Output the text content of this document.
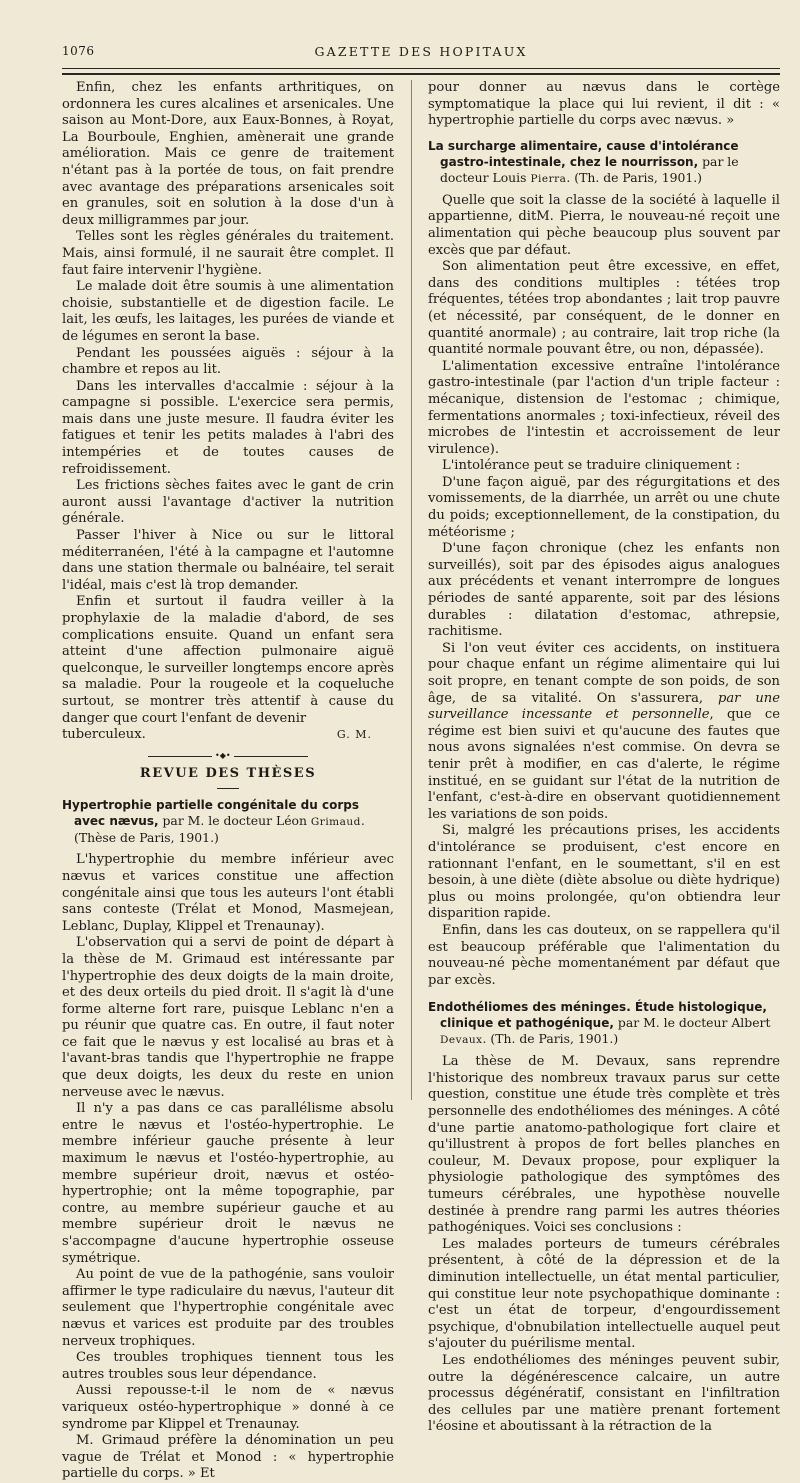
1076	GAZETTE DES HOPITAUX

Enfin, chez les enfants arthritiques, on ordonnera les cures alcalines et arsenicales. Une saison au Mont-Dore, aux Eaux-Bonnes, à Royat, La Bourboule, Enghien, amènerait une grande amélioration. Mais ce genre de traitement n'étant pas à la portée de tous, on fait prendre avec avantage des préparations arsenicales soit en granules, soit en solution à la dose d'un à deux milligrammes par jour.

Telles sont les règles générales du traitement. Mais, ainsi formulé, il ne saurait être complet. Il faut faire intervenir l'hygiène.

Le malade doit être soumis à une alimentation choisie, substantielle et de digestion facile. Le lait, les œufs, les laitages, les purées de viande et de légumes en seront la base.

Pendant les poussées aiguës : séjour à la chambre et repos au lit.

Dans les intervalles d'accalmie : séjour à la campagne si possible. L'exercice sera permis, mais dans une juste mesure. Il faudra éviter les fatigues et tenir les petits malades à l'abri des intempéries et de toutes causes de refroidissement.

Les frictions sèches faites avec le gant de crin auront aussi l'avantage d'activer la nutrition générale.

Passer l'hiver à Nice ou sur le littoral méditerranéen, l'été à la campagne et l'automne dans une station thermale ou balnéaire, tel serait l'idéal, mais c'est là trop demander.

Enfin et surtout il faudra veiller à la prophylaxie de la maladie d'abord, de ses complications ensuite. Quand un enfant sera atteint d'une affection pulmonaire aiguë quelconque, le surveiller longtemps encore après sa maladie. Pour la rougeole et la coqueluche surtout, se montrer très attentif à cause du danger que court l'enfant de devenir

tuberculeux.	G. M.
•◆•
REVUE DES THÈSES
Hypertrophie partielle congénitale du corps avec nævus, par M. le docteur Léon Grimaud. (Thèse de Paris, 1901.)

L'hypertrophie du membre inférieur avec nævus et varices constitue une affection congénitale ainsi que tous les auteurs l'ont établi sans conteste (Trélat et Monod, Masmejean, Leblanc, Duplay, Klippel et Trenaunay).

L'observation qui a servi de point de départ à la thèse de M. Grimaud est intéressante par l'hypertrophie des deux doigts de la main droite, et des deux orteils du pied droit. Il s'agit là d'une forme alterne fort rare, puisque Leblanc n'en a pu réunir que quatre cas. En outre, il faut noter ce fait que le nævus y est localisé au bras et à l'avant-bras tandis que l'hypertrophie ne frappe que deux doigts, les deux du reste en union nerveuse avec le nævus.

Il n'y a pas dans ce cas parallélisme absolu entre le nævus et l'ostéo-hypertrophie. Le membre inférieur gauche présente à leur maximum le nævus et l'ostéo-hypertrophie, au membre supérieur droit, nævus et ostéo-hypertrophie; ont la même topographie, par contre, au membre supérieur gauche et au membre supérieur droit le nævus ne s'accompagne d'aucune hypertrophie osseuse symétrique.

Au point de vue de la pathogénie, sans vouloir affirmer le type radiculaire du nævus, l'auteur dit seulement que l'hypertrophie congénitale avec nævus et varices est produite par des troubles nerveux trophiques.

Ces troubles trophiques tiennent tous les autres troubles sous leur dépendance.

Aussi repousse-t-il le nom de « nævus variqueux ostéo-hypertrophique » donné à ce syndrome par Klippel et Trenaunay.

M. Grimaud préfère la dénomination un peu vague de Trélat et Monod : « hypertrophie partielle du corps. » Et

pour donner au nævus dans le cortège symptomatique la place qui lui revient, il dit : « hypertrophie partielle du corps avec nævus. »

La surcharge alimentaire, cause d'intolérance gastro-intestinale, chez le nourrisson, par le docteur Louis Pierra. (Th. de Paris, 1901.)

Quelle que soit la classe de la société à laquelle il appartienne, ditM. Pierra, le nouveau-né reçoit une alimentation qui pèche beaucoup plus souvent par excès que par défaut.

Son alimentation peut être excessive, en effet, dans des conditions multiples : tétées trop fréquentes, tétées trop abondantes ; lait trop pauvre (et nécessité, par conséquent, de le donner en quantité anormale) ; au contraire, lait trop riche (la quantité normale pouvant être, ou non, dépassée).

L'alimentation excessive entraîne l'intolérance gastro-intestinale (par l'action d'un triple facteur : mécanique, distension de l'estomac ; chimique, fermentations anormales ; toxi-infectieux, réveil des microbes de l'intestin et accroissement de leur virulence).

L'intolérance peut se traduire cliniquement :

D'une façon aiguë, par des régurgitations et des vomissements, de la diarrhée, un arrêt ou une chute du poids; exceptionnellement, de la constipation, du météorisme ;

D'une façon chronique (chez les enfants non surveillés), soit par des épisodes aigus analogues aux précédents et venant interrompre de longues périodes de santé apparente, soit par des lésions durables : dilatation d'estomac, athrepsie, rachitisme.

Si l'on veut éviter ces accidents, on instituera pour chaque enfant un régime alimentaire qui lui soit propre, en tenant compte de son poids, de son âge, de sa vitalité. On s'assurera, par une surveillance incessante et personnelle, que ce régime est bien suivi et qu'aucune des fautes que nous avons signalées n'est commise. On devra se tenir prêt à modifier, en cas d'alerte, le régime institué, en se guidant sur l'état de la nutrition de l'enfant, c'est-à-dire en observant quotidiennement les variations de son poids.

Si, malgré les précautions prises, les accidents d'intolérance se produisent, c'est encore en rationnant l'enfant, en le soumettant, s'il en est besoin, à une diète (diète absolue ou diète hydrique) plus ou moins prolongée, qu'on obtiendra leur disparition rapide.

Enfin, dans les cas douteux, on se rappellera qu'il est beaucoup préférable que l'alimentation du nouveau-né pèche momentanément par défaut que par excès.

Endothéliomes des méninges. Étude histologique, clinique et pathogénique, par M. le docteur Albert Devaux. (Th. de Paris, 1901.)

La thèse de M. Devaux, sans reprendre l'historique des nombreux travaux parus sur cette question, constitue une étude très complète et très personnelle des endothéliomes des méninges. A côté d'une partie anatomo-pathologique fort claire et qu'illustrent à propos de fort belles planches en couleur, M. Devaux propose, pour expliquer la physiologie pathologique des symptômes des tumeurs cérébrales, une hypothèse nouvelle destinée à prendre rang parmi les autres théories pathogéniques. Voici ses conclusions :

Les malades porteurs de tumeurs cérébrales présentent, à côté de la dépression et de la diminution intellectuelle, un état mental particulier, qui constitue leur note psychopathique dominante : c'est un état de torpeur, d'engourdissement psychique, d'obnubilation intellectuelle auquel peut s'ajouter du puérilisme mental.

Les endothéliomes des méninges peuvent subir, outre la dégénérescence calcaire, un autre processus dégénératif, consistant en l'infiltration des cellules par une matière prenant fortement l'éosine et aboutissant à la rétraction de la
